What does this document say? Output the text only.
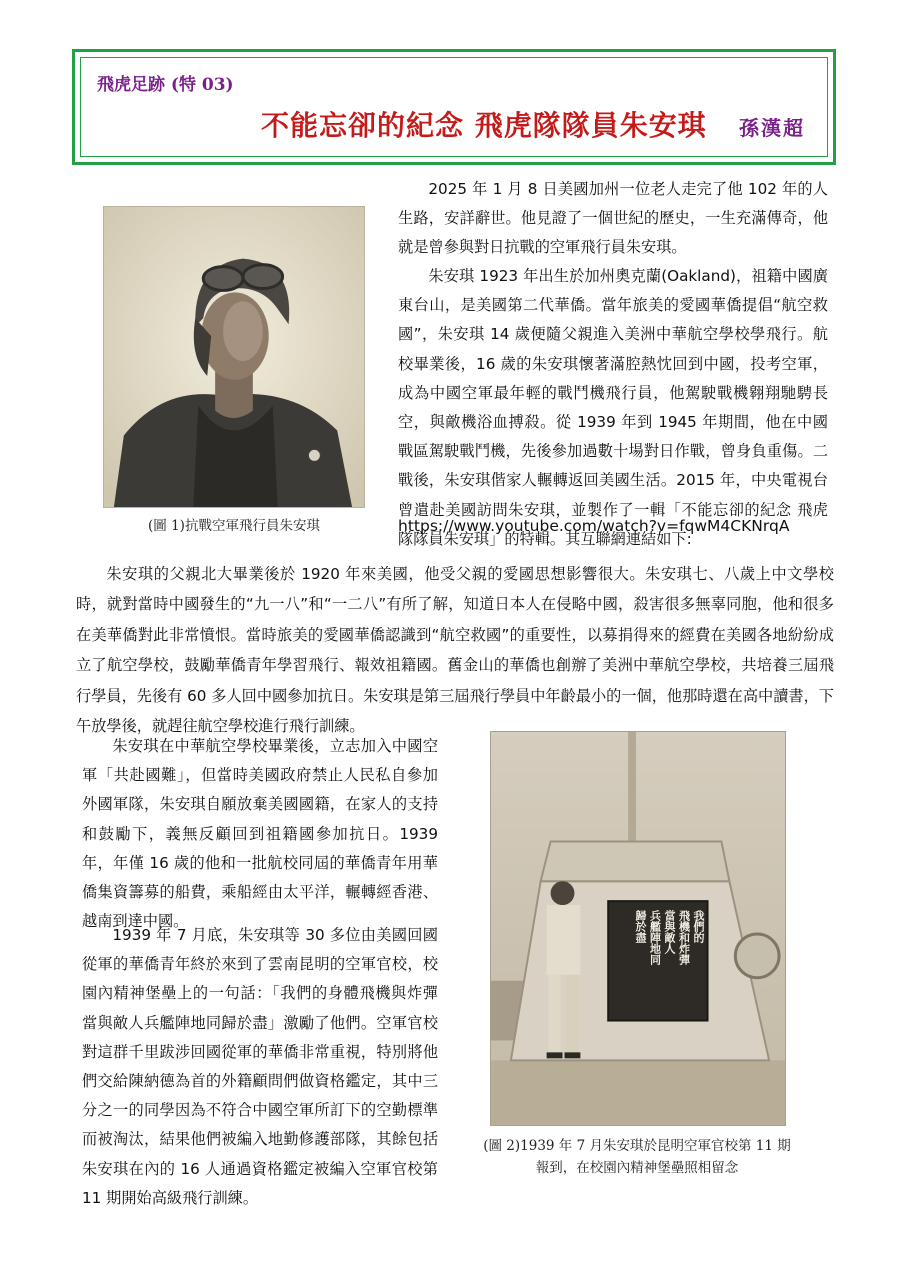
飛虎足跡 (特 03)
不能忘卻的紀念 飛虎隊隊員朱安琪 孫漢超
(圖 1)抗戰空軍飛行員朱安琪
我們的
飛機和炸彈
當與敵人
兵艦陣地同
歸於盡
(圖 2)1939 年 7 月朱安琪於昆明空軍官校第 11 期
報到，在校園內精神堡壘照相留念

2025 年 1 月 8 日美國加州一位老人走完了他 102 年的人生路，安詳辭世。他見證了一個世紀的歷史，一生充滿傳奇，他就是曾參與對日抗戰的空軍飛行員朱安琪。

朱安琪 1923 年出生於加州奧克蘭(Oakland)，祖籍中國廣東台山，是美國第二代華僑。當年旅美的愛國華僑提倡“航空救國”，朱安琪 14 歲便隨父親進入美洲中華航空學校學飛行。航校畢業後，16 歲的朱安琪懷著滿腔熱忱回到中國，投考空軍，成為中國空軍最年輕的戰鬥機飛行員，他駕駛戰機翱翔馳騁長空，與敵機浴血搏殺。從 1939 年到 1945 年期間，他在中國戰區駕駛戰鬥機，先後參加過數十場對日作戰，曾身負重傷。二戰後，朱安琪偕家人輾轉返回美國生活。2015 年，中央電視台曾遣赴美國訪問朱安琪，並製作了一輯「不能忘卻的紀念 飛虎隊隊員朱安琪」的特輯。其互聯網連結如下:

https://www.youtube.com/watch?v=fqwM4CKNrqA

朱安琪的父親北大畢業後於 1920 年來美國，他受父親的愛國思想影響很大。朱安琪七、八歲上中文學校時，就對當時中國發生的“九一八”和“一二八”有所了解，知道日本人在侵略中國，殺害很多無辜同胞，他和很多在美華僑對此非常憤恨。當時旅美的愛國華僑認識到“航空救國”的重要性，以募捐得來的經費在美國各地紛紛成立了航空學校，鼓勵華僑青年學習飛行、報效祖籍國。舊金山的華僑也創辦了美洲中華航空學校，共培養三屆飛行學員，先後有 60 多人回中國參加抗日。朱安琪是第三屆飛行學員中年齡最小的一個，他那時還在高中讀書，下午放學後，就趕往航空學校進行飛行訓練。

朱安琪在中華航空學校畢業後，立志加入中國空軍「共赴國難」，但當時美國政府禁止人民私自參加外國軍隊，朱安琪自願放棄美國國籍，在家人的支持和鼓勵下，義無反顧回到祖籍國參加抗日。1939 年，年僅 16 歲的他和一批航校同屆的華僑青年用華僑集資籌募的船費，乘船經由太平洋，輾轉經香港、越南到達中國。

1939 年 7 月底，朱安琪等 30 多位由美國回國從軍的華僑青年終於來到了雲南昆明的空軍官校，校園內精神堡壘上的一句話：「我們的身體飛機與炸彈當與敵人兵艦陣地同歸於盡」激勵了他們。空軍官校對這群千里跋涉回國從軍的華僑非常重視，特別將他們交給陳納德為首的外籍顧問們做資格鑑定，其中三分之一的同學因為不符合中國空軍所訂下的空勤標準而被淘汰，結果他們被編入地勤修護部隊，其餘包括朱安琪在內的 16 人通過資格鑑定被編入空軍官校第 11 期開始高級飛行訓練。
